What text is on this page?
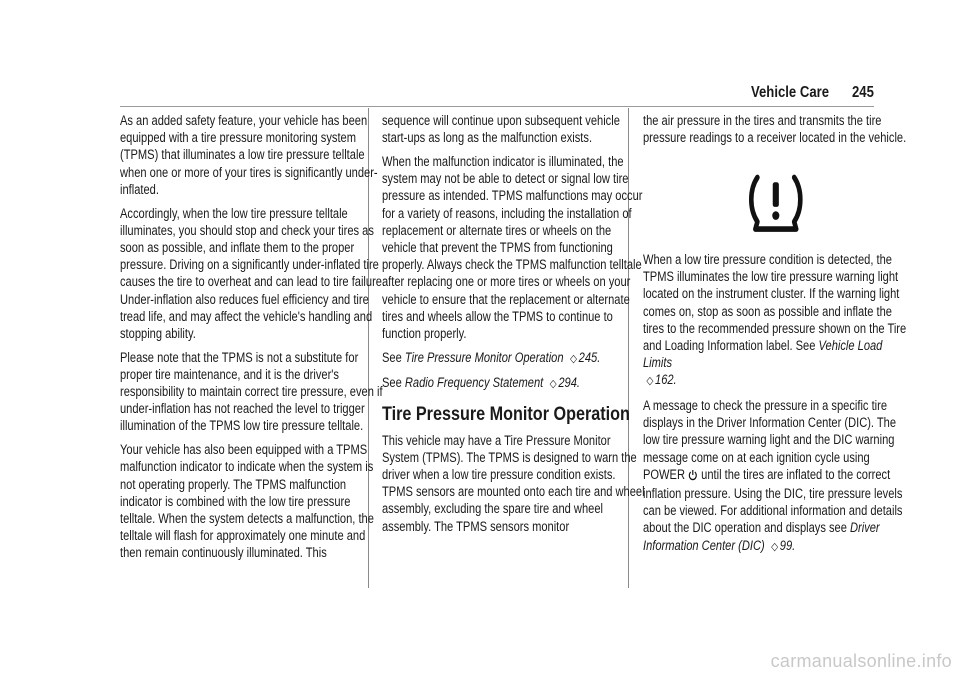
Vehicle Care 245

As an added safety feature, your vehicle has been equipped with a tire pressure monitoring system (TPMS) that illuminates a low tire pressure telltale when one or more of your tires is significantly under-inflated.

Accordingly, when the low tire pressure telltale illuminates, you should stop and check your tires as soon as possible, and inflate them to the proper pressure. Driving on a significantly under-inflated tire causes the tire to overheat and can lead to tire failure. Under-inflation also reduces fuel efficiency and tire tread life, and may affect the vehicle's handling and stopping ability.

Please note that the TPMS is not a substitute for proper tire maintenance, and it is the driver's responsibility to maintain correct tire pressure, even if under-inflation has not reached the level to trigger illumination of the TPMS low tire pressure telltale.

Your vehicle has also been equipped with a TPMS malfunction indicator to indicate when the system is not operating properly. The TPMS malfunction indicator is combined with the low tire pressure telltale. When the system detects a malfunction, the telltale will flash for approximately one minute and then remain continuously illuminated. This

sequence will continue upon subsequent vehicle start-ups as long as the malfunction exists.

When the malfunction indicator is illuminated, the system may not be able to detect or signal low tire pressure as intended. TPMS malfunctions may occur for a variety of reasons, including the installation of replacement or alternate tires or wheels on the vehicle that prevent the TPMS from functioning properly. Always check the TPMS malfunction telltale after replacing one or more tires or wheels on your vehicle to ensure that the replacement or alternate tires and wheels allow the TPMS to continue to function properly.

See Tire Pressure Monitor Operation ◇ 245.

See Radio Frequency Statement ◇ 294.

Tire Pressure Monitor Operation

This vehicle may have a Tire Pressure Monitor System (TPMS). The TPMS is designed to warn the driver when a low tire pressure condition exists. TPMS sensors are mounted onto each tire and wheel assembly, excluding the spare tire and wheel assembly. The TPMS sensors monitor

the air pressure in the tires and transmits the tire pressure readings to a receiver located in the vehicle.

When a low tire pressure condition is detected, the TPMS illuminates the low tire pressure warning light located on the instrument cluster. If the warning light comes on, stop as soon as possible and inflate the tires to the recommended pressure shown on the Tire and Loading Information label. See Vehicle Load Limits
◇ 162.

A message to check the pressure in a specific tire displays in the Driver Information Center (DIC). The low tire pressure warning light and the DIC warning message come on at each ignition cycle using POWER until the tires are inflated to the correct inflation pressure. Using the DIC, tire pressure levels can be viewed. For additional information and details about the DIC operation and displays see Driver Information Center (DIC) ◇ 99.

carmanualsonline.info
